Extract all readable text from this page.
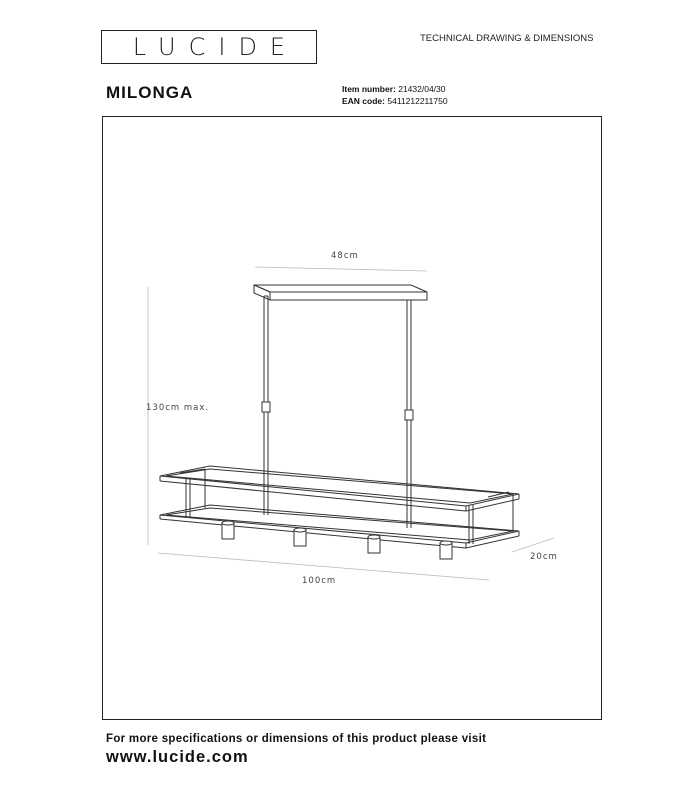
LUCIDE	TECHNICAL DRAWING & DIMENSIONS
MILONGA	Item number: 21432/04/30
EAN code: 5411212211750
48cm
130cm max.
100cm
20cm
For more specifications or dimensions of this product please visit
www.lucide.com
